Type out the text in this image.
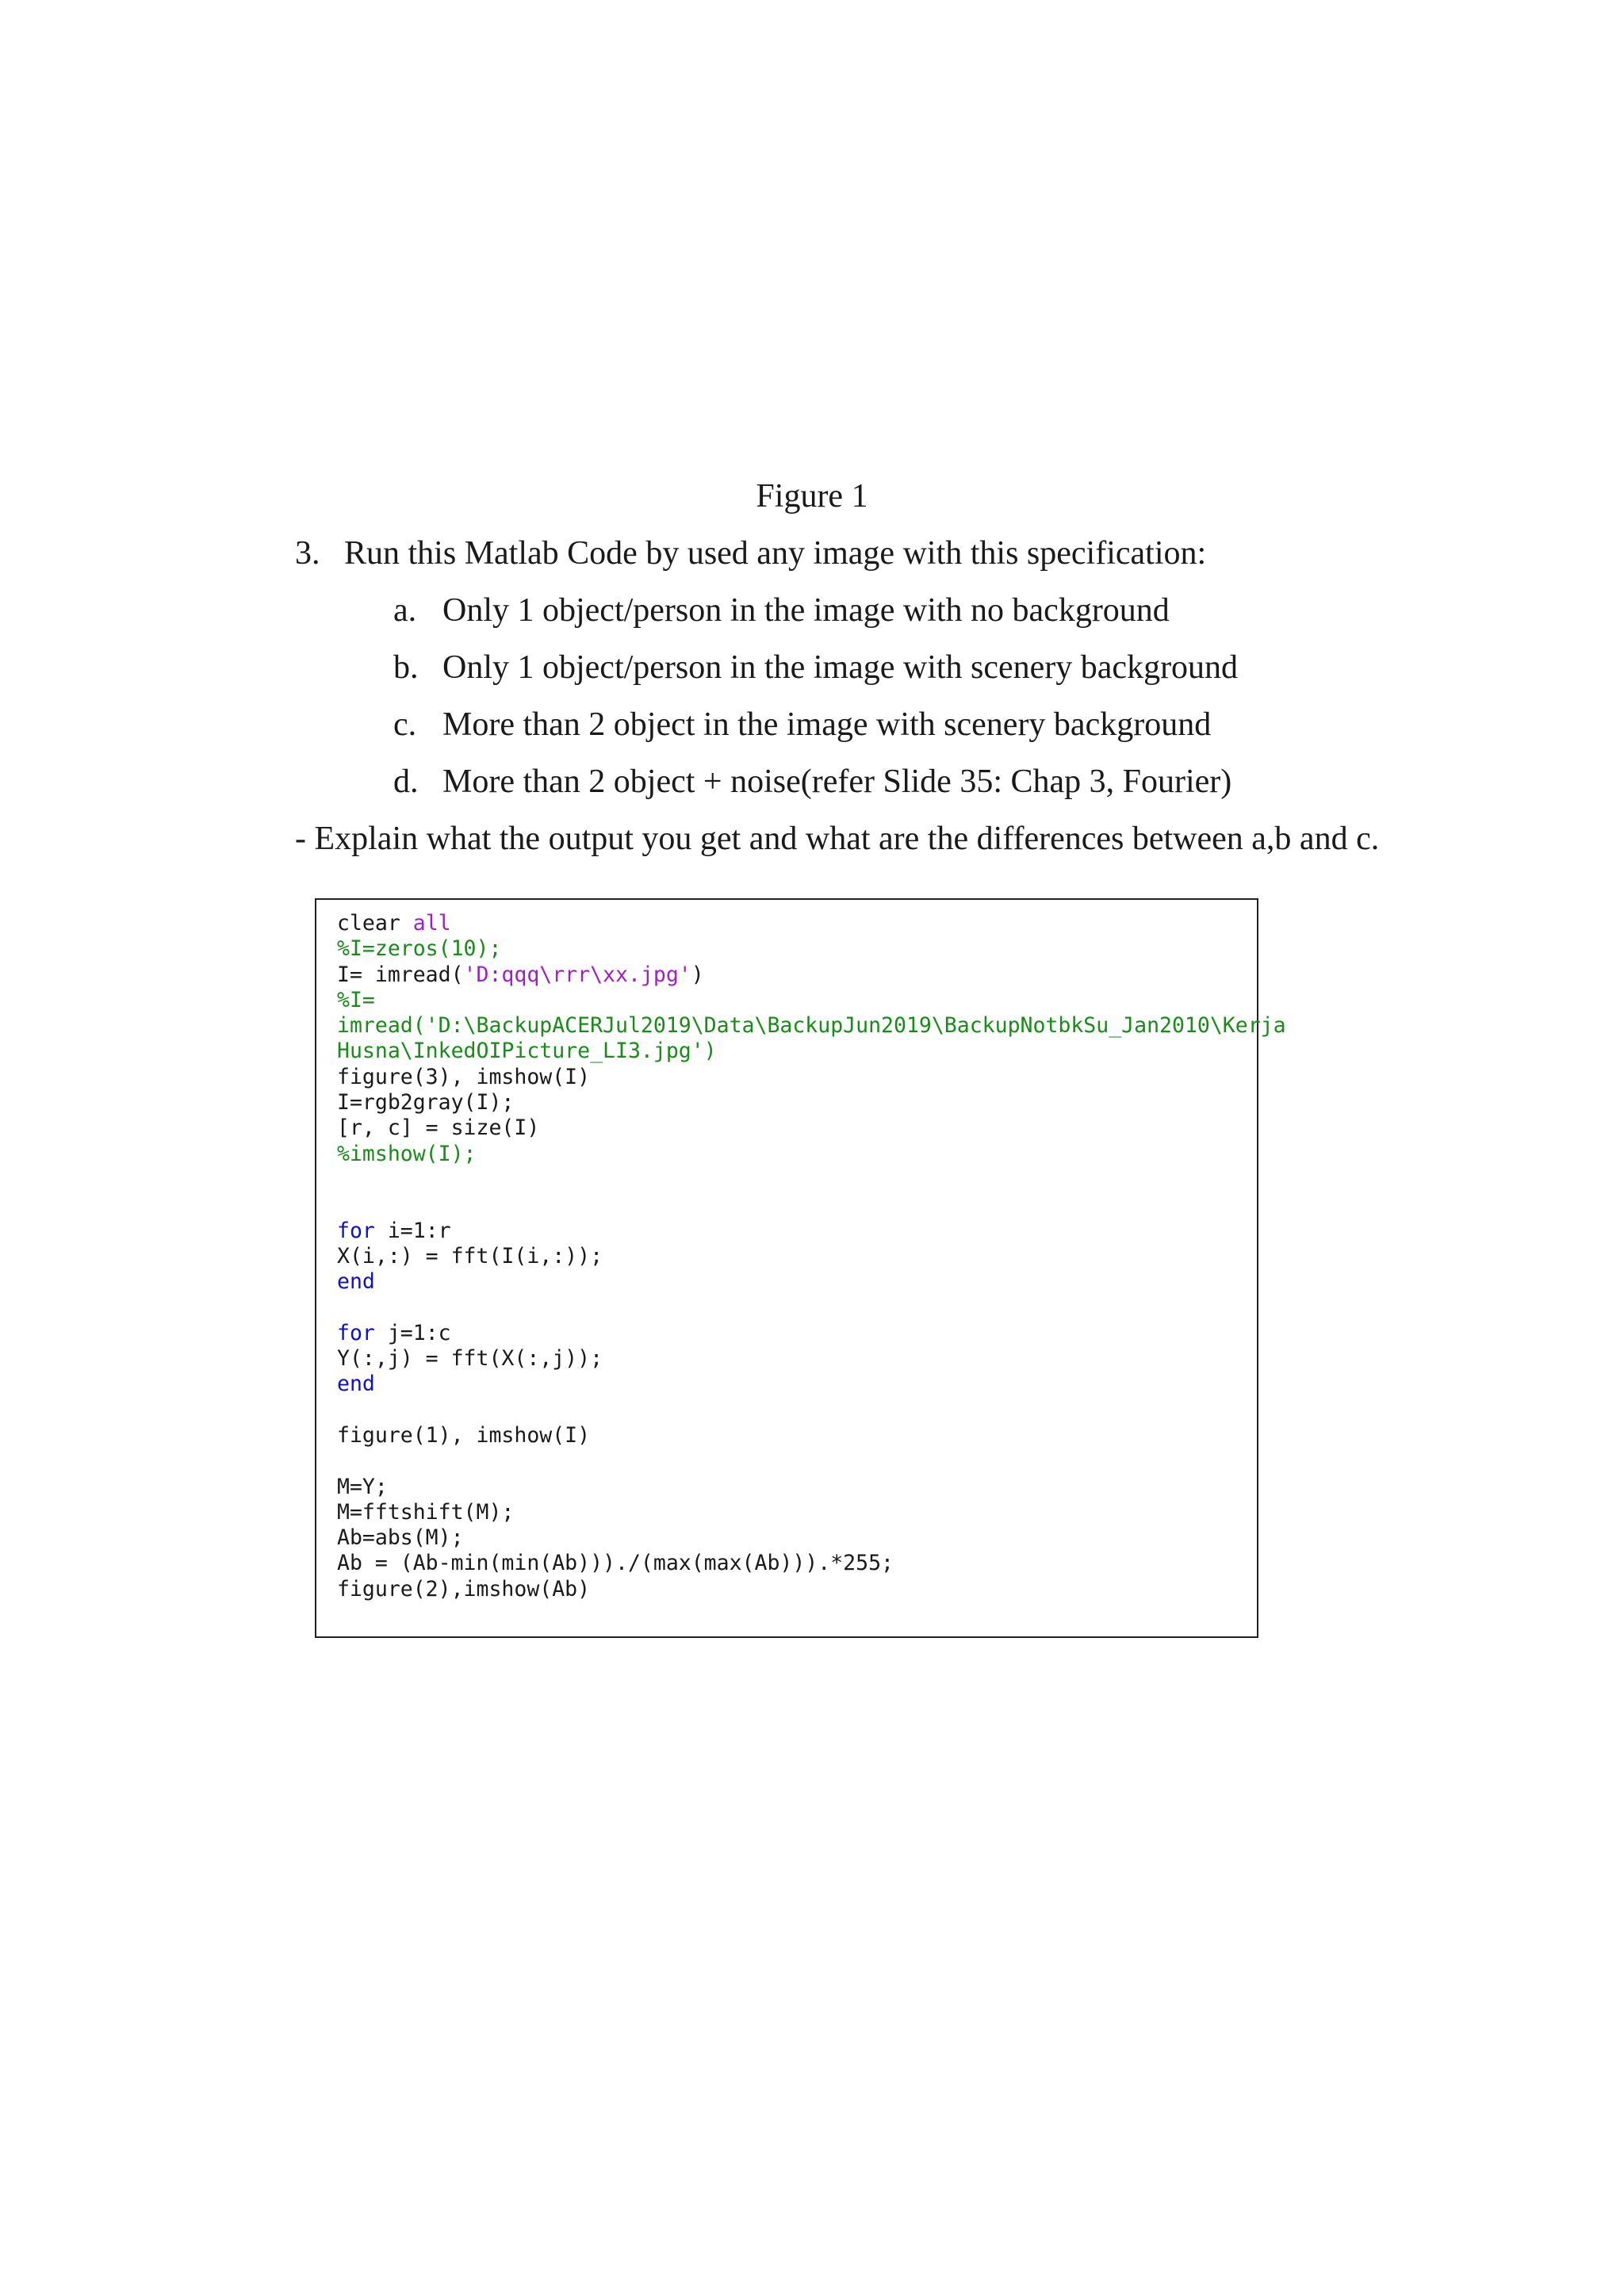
Figure 1
3. Run this Matlab Code by used any image with this specification:
a. Only 1 object/person in the image with no background
b. Only 1 object/person in the image with scenery background
c. More than 2 object in the image with scenery background
d. More than 2 object + noise(refer Slide 35: Chap 3, Fourier)
- Explain what the output you get and what are the differences between a,b and c.
clear all
%I=zeros(10);
I= imread('D:qqq\rrr\xx.jpg')
%I=
imread('D:\BackupACERJul2019\Data\BackupJun2019\BackupNotbkSu_Jan2010\Kerja
Husna\InkedOIPicture_LI3.jpg')
figure(3), imshow(I)
I=rgb2gray(I);
[r, c] = size(I)
%imshow(I);
for i=1:r
X(i,:) = fft(I(i,:));
end
for j=1:c
Y(:,j) = fft(X(:,j));
end
figure(1), imshow(I)
M=Y;
M=fftshift(M);
Ab=abs(M);
Ab = (Ab-min(min(Ab)))./(max(max(Ab))).*255;
figure(2),imshow(Ab)
